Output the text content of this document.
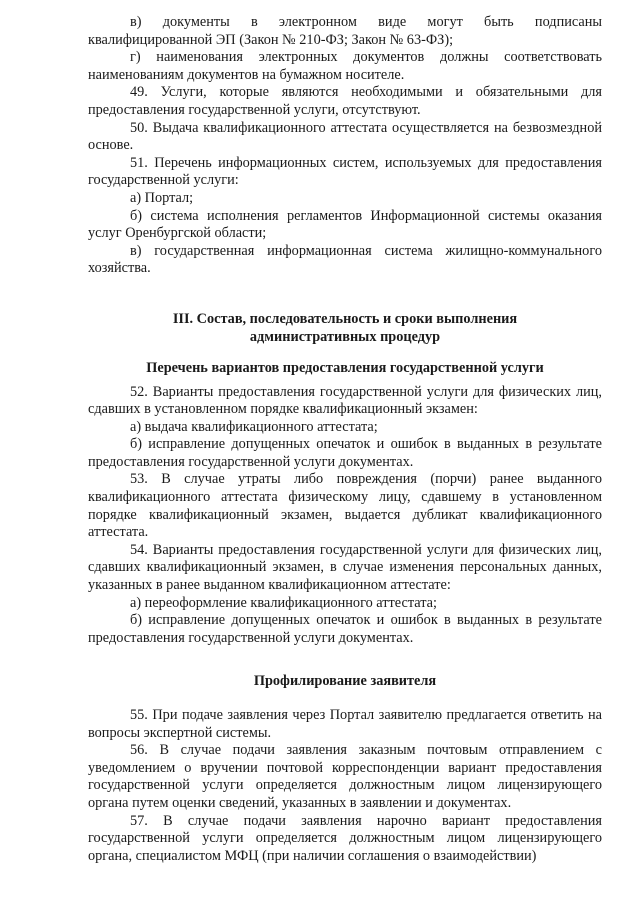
в) документы в электронном виде могут быть подписаны квалифицированной ЭП (Закон № 210-ФЗ; Закон № 63-ФЗ);

г) наименования электронных документов должны соответствовать наименованиям документов на бумажном носителе.

49. Услуги, которые являются необходимыми и обязательными для предоставления государственной услуги, отсутствуют.

50. Выдача квалификационного аттестата осуществляется на безвозмездной основе.

51. Перечень информационных систем, используемых для предоставления государственной услуги:

а) Портал;

б) система исполнения регламентов Информационной системы оказания услуг Оренбургской области;

в) государственная информационная система жилищно-коммунального хозяйства.

III. Состав, последовательность и сроки выполнения
административных процедур
Перечень вариантов предоставления государственной услуги

52. Варианты предоставления государственной услуги для физических лиц, сдавших в установленном порядке квалификационный экзамен:

а) выдача квалификационного аттестата;

б) исправление допущенных опечаток и ошибок в выданных в результате предоставления государственной услуги документах.

53. В случае утраты либо повреждения (порчи) ранее выданного квалификационного аттестата физическому лицу, сдавшему в установленном порядке квалификационный экзамен, выдается дубликат квалификационного аттестата.

54. Варианты предоставления государственной услуги для физических лиц, сдавших квалификационный экзамен, в случае изменения персональных данных, указанных в ранее выданном квалификационном аттестате:

а) переоформление квалификационного аттестата;

б) исправление допущенных опечаток и ошибок в выданных в результате предоставления государственной услуги документах.

Профилирование заявителя

55. При подаче заявления через Портал заявителю предлагается ответить на вопросы экспертной системы.

56. В случае подачи заявления заказным почтовым отправлением с уведомлением о вручении почтовой корреспонденции вариант предоставления государственной услуги определяется должностным лицом лицензирующего органа путем оценки сведений, указанных в заявлении и документах.

57. В случае подачи заявления нарочно вариант предоставления государственной услуги определяется должностным лицом лицензирующего органа, специалистом МФЦ (при наличии соглашения о взаимодействии)
